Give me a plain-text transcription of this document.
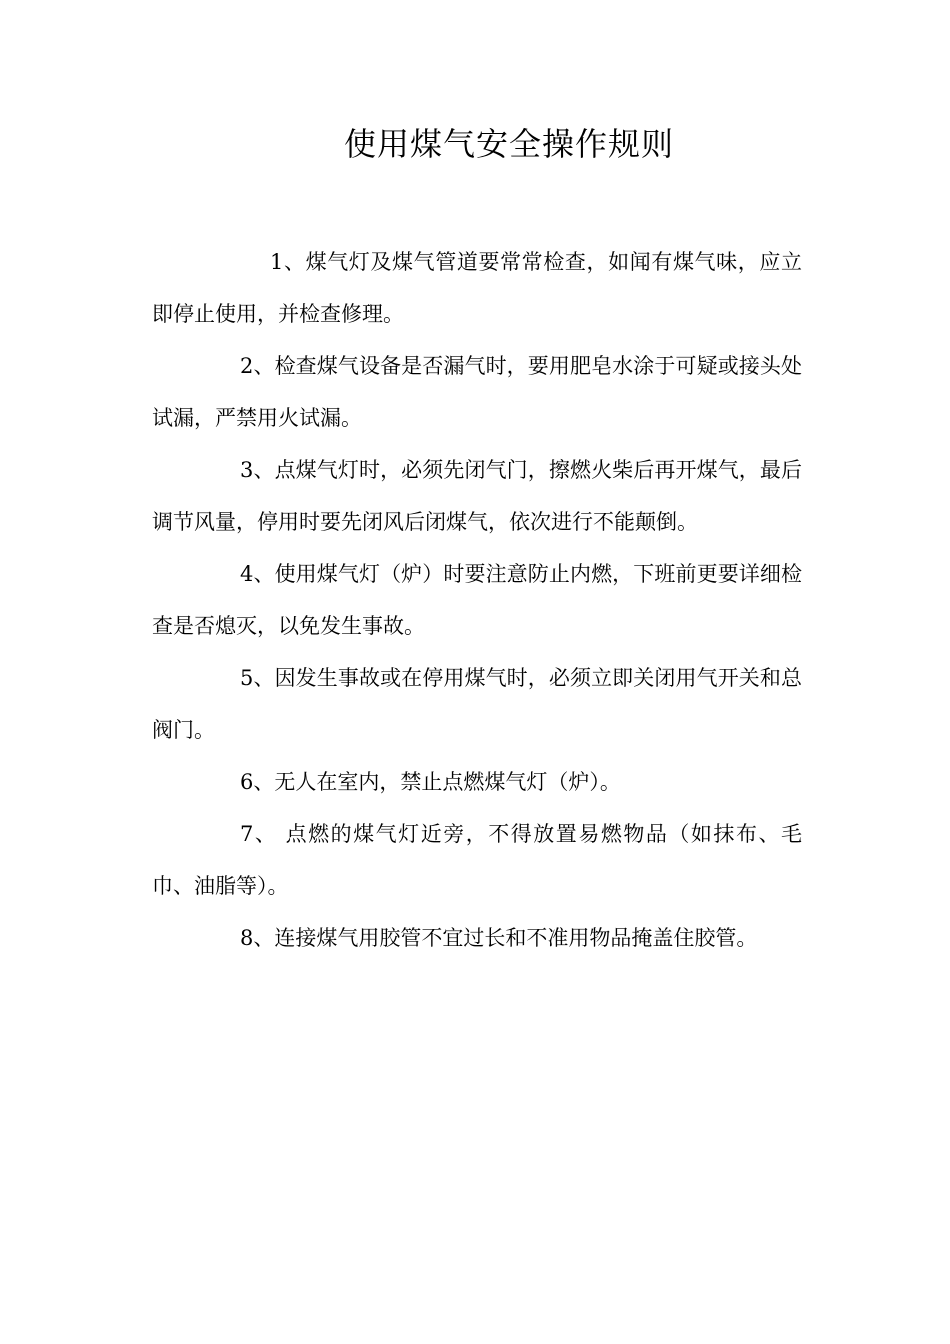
使用煤气安全操作规则

1、煤气灯及煤气管道要常常检查，如闻有煤气味，应立即停止使用，并检查修理。

2、检查煤气设备是否漏气时，要用肥皂水涂于可疑或接头处试漏，严禁用火试漏。

3、点煤气灯时，必须先闭气门，擦燃火柴后再开煤气，最后调节风量，停用时要先闭风后闭煤气，依次进行不能颠倒。

4、使用煤气灯（炉）时要注意防止内燃，下班前更要详细检查是否熄灭，以免发生事故。

5、因发生事故或在停用煤气时，必须立即关闭用气开关和总阀门。

6、无人在室内，禁止点燃煤气灯（炉）。

7、 点燃的煤气灯近旁，不得放置易燃物品（如抹布、毛巾、油脂等）。

8、连接煤气用胶管不宜过长和不准用物品掩盖住胶管。
